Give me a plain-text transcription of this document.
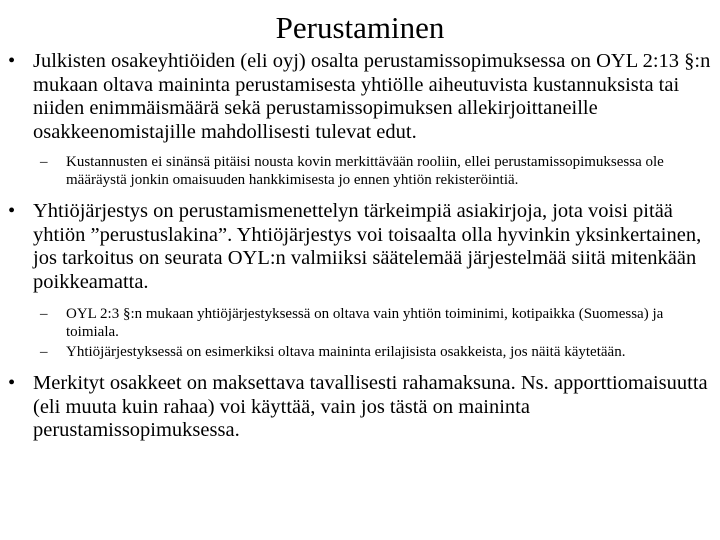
Perustaminen
• Julkisten osakeyhtiöiden (eli oyj) osalta perustamissopimuksessa on OYL 2:13 §:n mukaan oltava maininta perustamisesta yhtiölle aiheutuvista kustannuksista tai niiden enimmäismäärä sekä perustamissopimuksen allekirjoittaneille osakkeenomistajille mahdollisesti tulevat edut.
– Kustannusten ei sinänsä pitäisi nousta kovin merkittävään rooliin, ellei perustamissopimuksessa ole määräystä jonkin omaisuuden hankkimisesta jo ennen yhtiön rekisteröintiä.
• Yhtiöjärjestys on perustamismenettelyn tärkeimpiä asiakirjoja, jota voisi pitää yhtiön ”perustuslakina”. Yhtiöjärjestys voi toisaalta olla hyvinkin yksinkertainen, jos tarkoitus on seurata OYL:n valmiiksi säätelemää järjestelmää siitä mitenkään poikkeamatta.
– OYL 2:3 §:n mukaan yhtiöjärjestyksessä on oltava vain yhtiön toiminimi, kotipaikka (Suomessa) ja toimiala.
– Yhtiöjärjestyksessä on esimerkiksi oltava maininta erilajisista osakkeista, jos näitä käytetään.
• Merkityt osakkeet on maksettava tavallisesti rahamaksuna. Ns. apporttiomaisuutta (eli muuta kuin rahaa) voi käyttää, vain jos tästä on maininta perustamissopimuksessa.
